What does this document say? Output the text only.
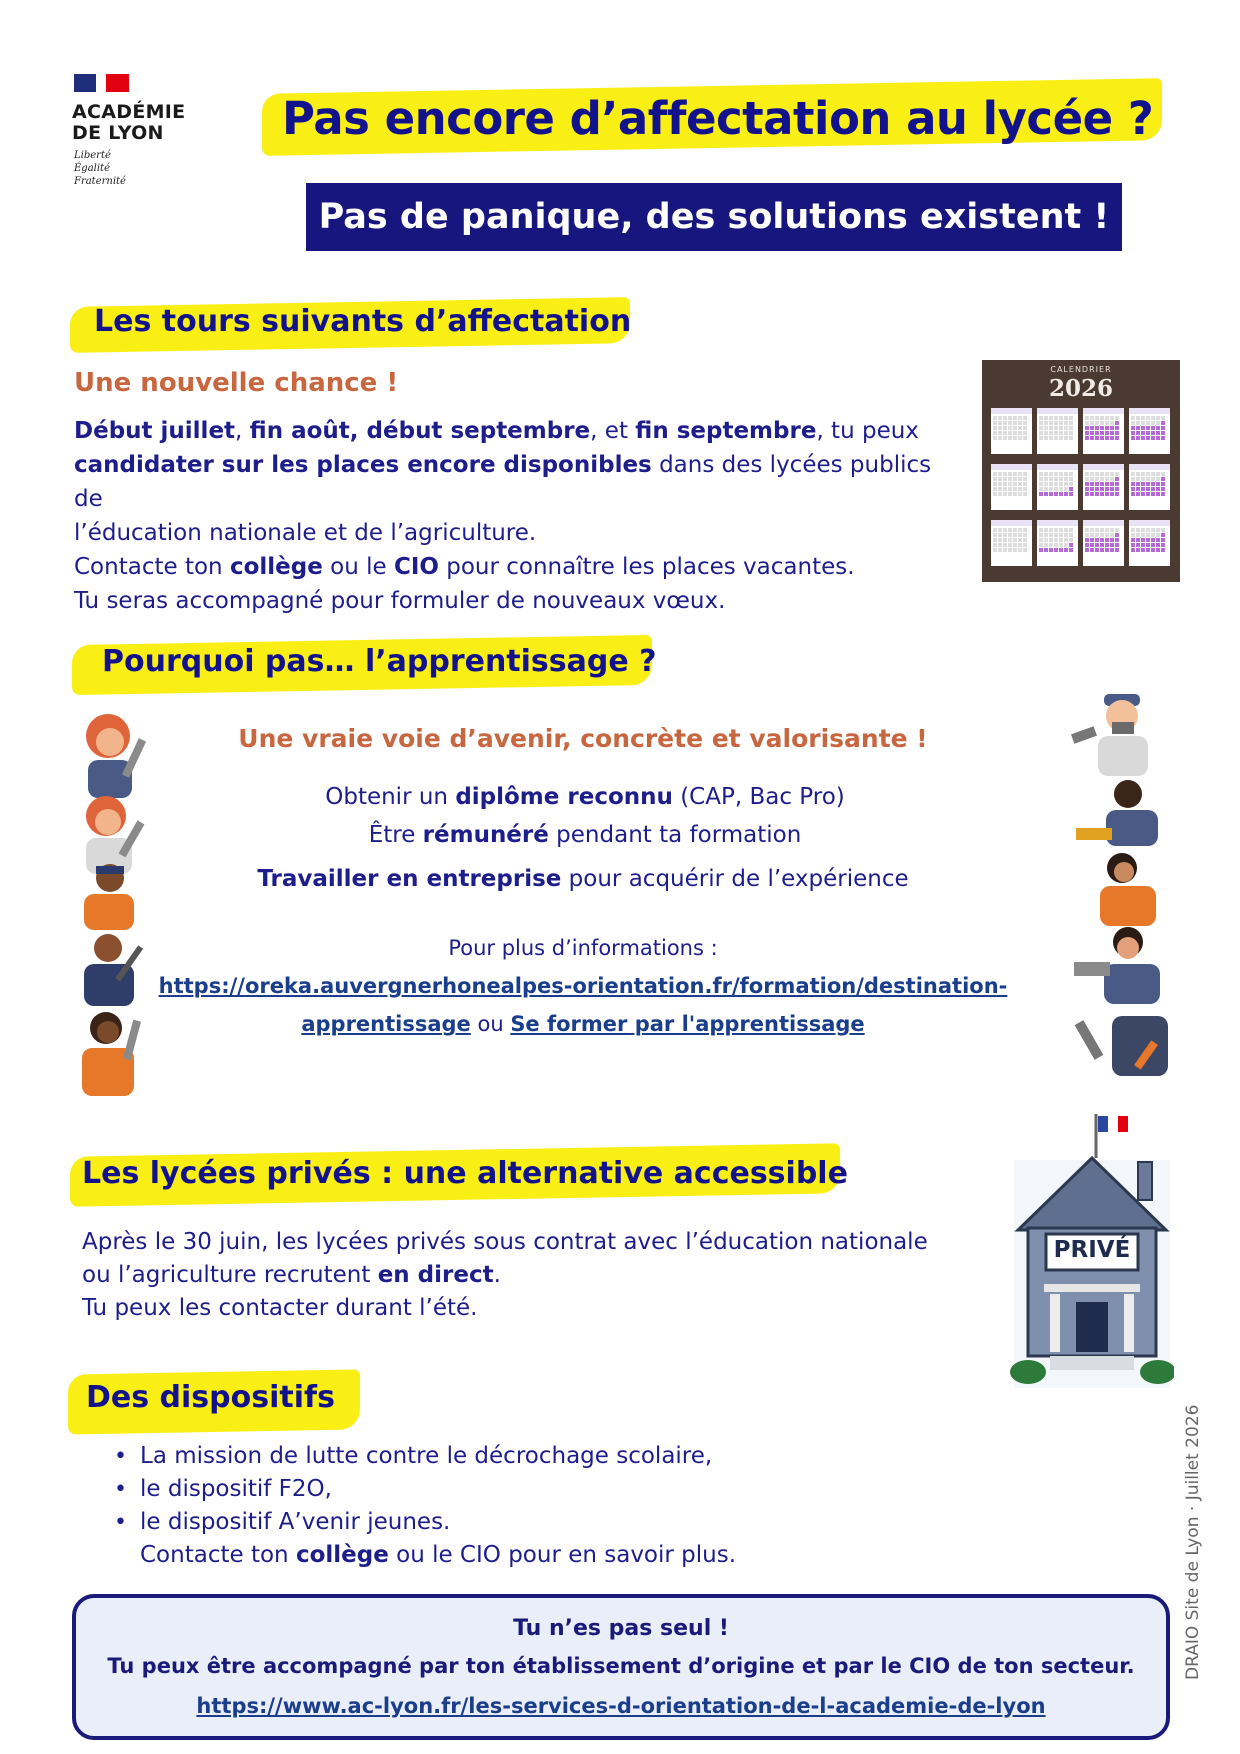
ACADÉMIE
DE LYON
Liberté
Égalité
Fraternité
Pas encore d’affectation au lycée ?
Pas de panique, des solutions existent !
Les tours suivants d’affectation
Une nouvelle chance !
Début juillet, fin août, début septembre, et fin septembre, tu peux
candidater sur les places encore disponibles dans des lycées publics de
l’éducation nationale et de l’agriculture.
Contacte ton collège ou le CIO pour connaître les places vacantes.
Tu seras accompagné pour formuler de nouveaux vœux.
CALENDRIER
2026
Pourquoi pas… l’apprentissage ?
Une vraie voie d’avenir, concrète et valorisante !
Obtenir un diplôme reconnu (CAP, Bac Pro)
Être rémunéré pendant ta formation
Travailler en entreprise pour acquérir de l’expérience
Pour plus d’informations :
https://oreka.auvergnerhonealpes-orientation.fr/formation/destination-
apprentissage ou Se former par l'apprentissage
Les lycées privés : une alternative accessible
Après le 30 juin, les lycées privés sous contrat avec l’éducation nationale
ou l’agriculture recrutent en direct.
Tu peux les contacter durant l’été.
PRIVÉ
Des dispositifs
• La mission de lutte contre le décrochage scolaire,
• le dispositif F2O,
• le dispositif A’venir jeunes.
Contacte ton collège ou le CIO pour en savoir plus.
Tu n’es pas seul !
Tu peux être accompagné par ton établissement d’origine et par le CIO de ton secteur.
https://www.ac-lyon.fr/les-services-d-orientation-de-l-academie-de-lyon
DRAIO Site de Lyon · Juillet 2026
